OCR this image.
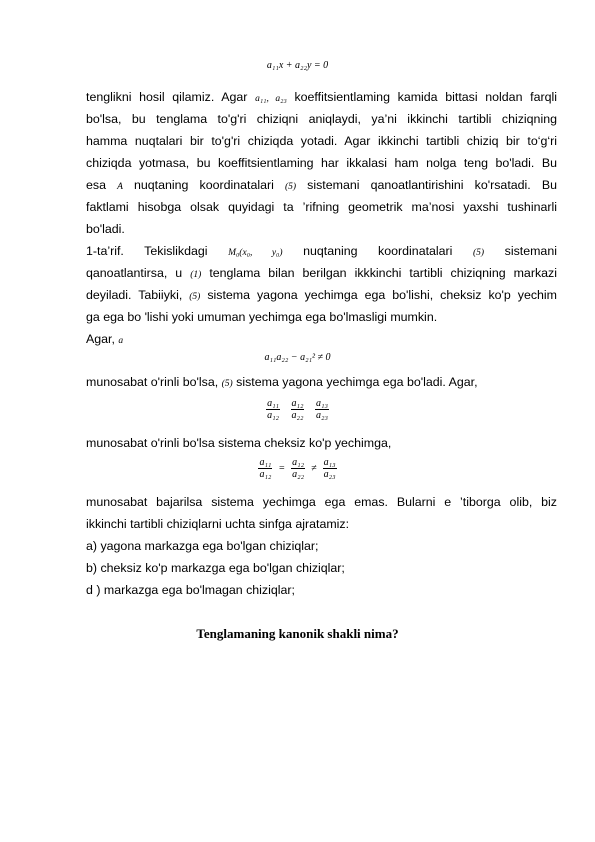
a₁₁x + a₂₂y = 0
tenglikni hosil qilamiz. Agar a₁₁, a₂₃ koeffitsientlaming kamida bittasi noldan farqli
bo'lsa, bu tenglama to'g'ri chiziqni aniqlaydi, ya’ni ikkinchi tartibli chiziqning
hamma nuqtalari bir to'g'ri chiziqda yotadi. Agar ikkinchi tartibli chiziq bir to‘g‘ri
chiziqda yotmasa, bu koeffitsientlaming har ikkalasi ham nolga teng bo'ladi. Bu
esa A nuqtaning koordinatalari (5) sistemani qanoatlantirishini ko'rsatadi. Bu
faktlami hisobga olsak quyidagi ta ’rifning geometrik ma’nosi yaxshi tushinarli
bo'ladi.
1-ta’rif. Tekislikdagi M₀(x₀, y₀) nuqtaning koordinatalari (5) sistemani
qanoatlantirsa, u (1) tenglama bilan berilgan ikkkinchi tartibli chiziqning markazi
deyiladi. Tabiiyki, (5) sistema yagona yechimga ega bo'lishi, cheksiz ko'p yechim
ga ega bo 'lishi yoki umuman yechimga ega bo'lmasligi mumkin.
Agar, a
a₁₁a₂₂ − a₂₁² ≠ 0
munosabat o'rinli bo'lsa, (5) sistema yagona yechimga ega bo'ladi. Agar,
$\frac{\text{a₁₁}}{\text{a₁₂}}$
$\frac{\text{a₁₂}}{\text{a₂₂}}$
$\frac{\text{a₁₃}}{\text{a₂₃}}$
munosabat o'rinli bo'lsa sistema cheksiz ko'p yechimga,
$\frac{\text{a₁₁}}{\text{a₁₂}} = \frac{\text{a₁₂}}{\text{a₂₂}} \ne \frac{\text{a₁₃}}{\text{a₂₃}}$
munosabat bajarilsa sistema yechimga ega emas. Bularni e ’tiborga olib, biz
ikkinchi tartibli chiziqlarni uchta sinfga ajratamiz:
a) yagona markazga ega bo'lgan chiziqlar;
b) cheksiz ko'p markazga ega bo'lgan chiziqlar;
d ) markazga ega bo'lmagan chiziqlar;
Tenglamaning kanonik shakli nima?
